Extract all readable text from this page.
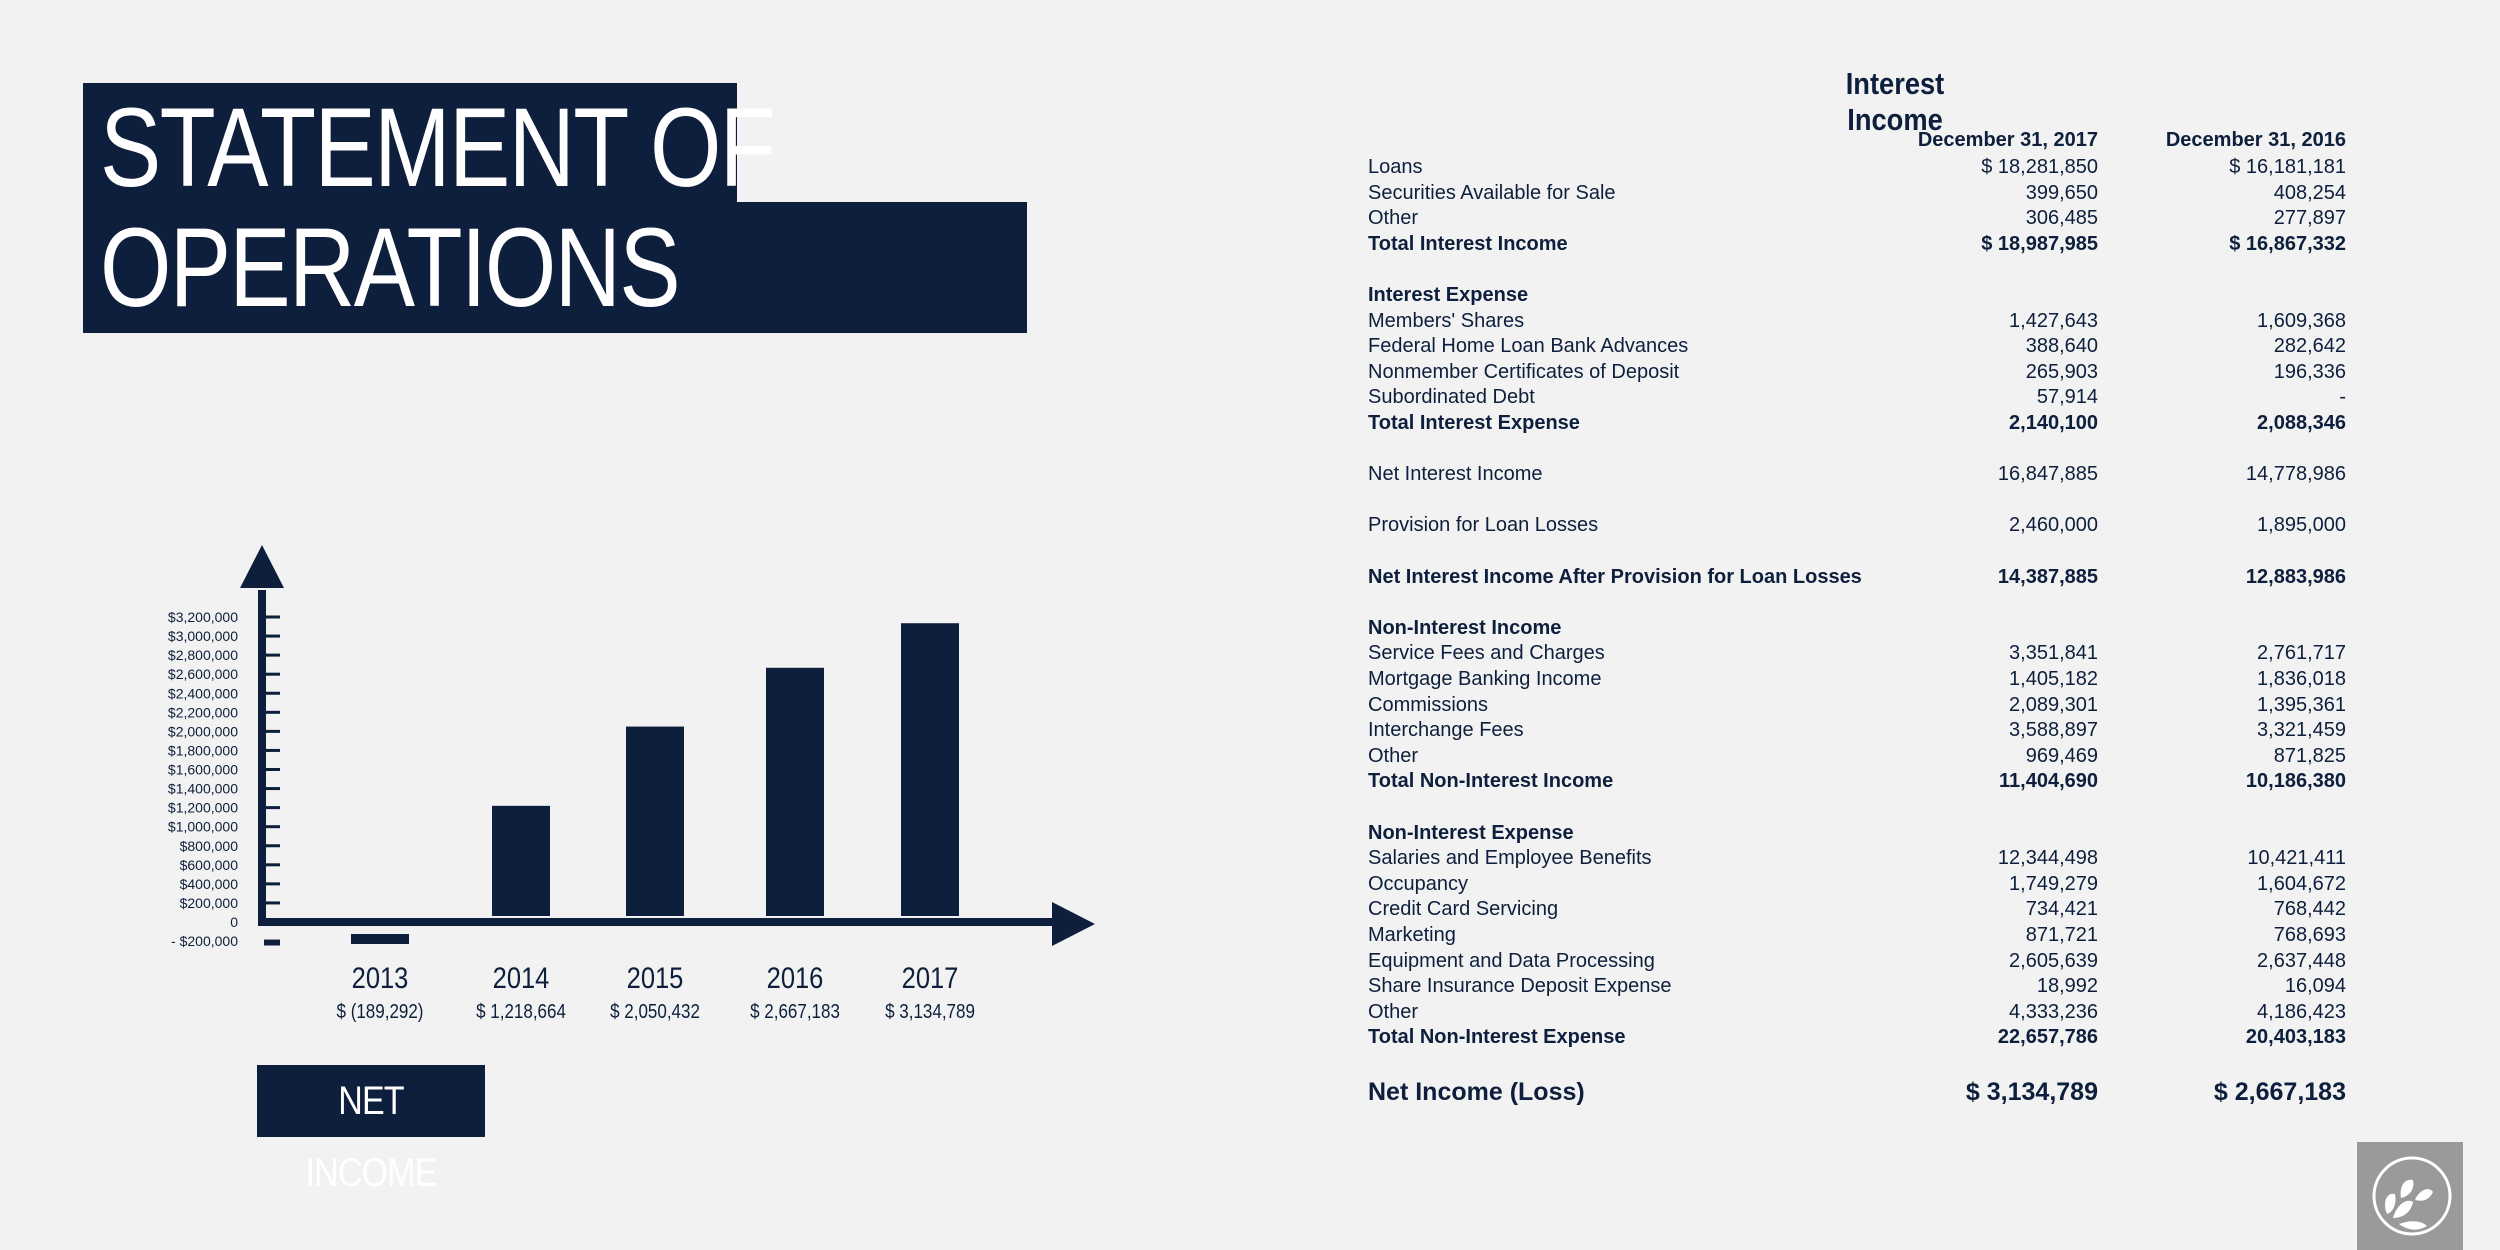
STATEMENT OF
OPERATIONS
$3,200,000
$3,000,000
$2,800,000
$2,600,000
$2,400,000
$2,200,000
$2,000,000
$1,800,000
$1,600,000
$1,400,000
$1,200,000
$1,000,000
$800,000
$600,000
$400,000
$200,000
0
- $200,000
2013
$ (189,292)
2014
$ 1,218,664
2015
$ 2,050,432
2016
$ 2,667,183
2017
$ 3,134,789
NET INCOME
Interest Income
December 31, 2017	December 31, 2016
Loans	$ 18,281,850	$ 16,181,181
Securities Available for Sale	399,650	408,254
Other	306,485	277,897
Total Interest Income	$ 18,987,985	$ 16,867,332
Interest Expense
Members' Shares	1,427,643	1,609,368
Federal Home Loan Bank Advances	388,640	282,642
Nonmember Certificates of Deposit	265,903	196,336
Subordinated Debt	57,914	-
Total Interest Expense	2,140,100	2,088,346
Net Interest Income	16,847,885	14,778,986
Provision for Loan Losses	2,460,000	1,895,000
Net Interest Income After Provision for Loan Losses	14,387,885	12,883,986
Non-Interest Income
Service Fees and Charges	3,351,841	2,761,717
Mortgage Banking Income	1,405,182	1,836,018
Commissions	2,089,301	1,395,361
Interchange Fees	3,588,897	3,321,459
Other	969,469	871,825
Total Non-Interest Income	11,404,690	10,186,380
Non-Interest Expense
Salaries and Employee Benefits	12,344,498	10,421,411
Occupancy	1,749,279	1,604,672
Credit Card Servicing	734,421	768,442
Marketing	871,721	768,693
Equipment and Data Processing	2,605,639	2,637,448
Share Insurance Deposit Expense	18,992	16,094
Other	4,333,236	4,186,423
Total Non-Interest Expense	22,657,786	20,403,183
Net Income (Loss)	$ 3,134,789	$ 2,667,183
